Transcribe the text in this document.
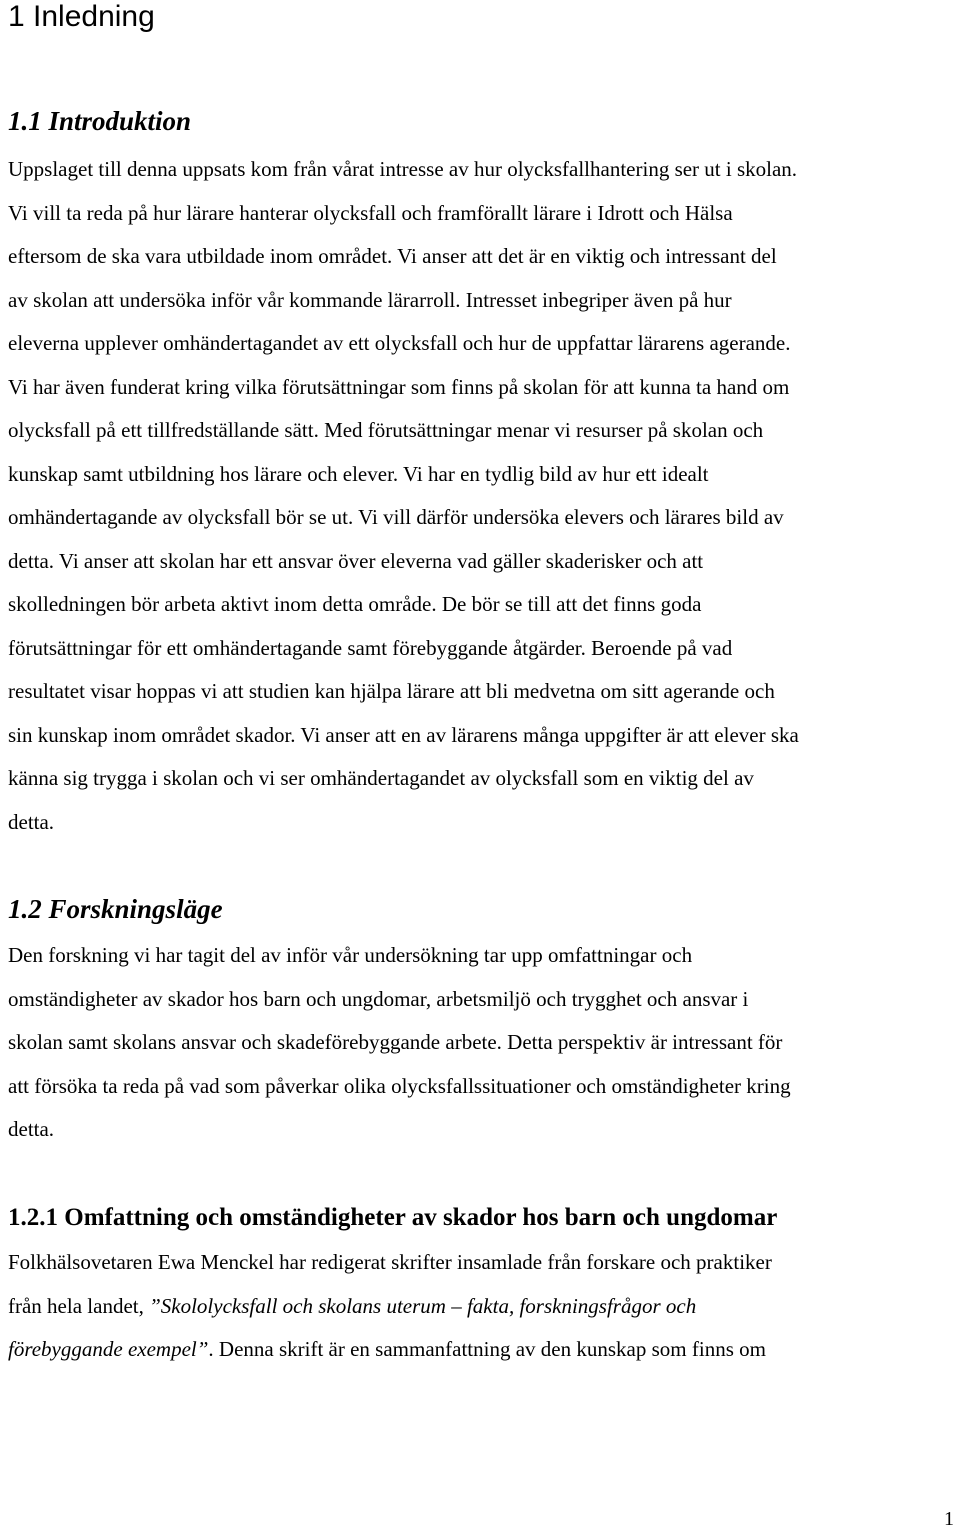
1 Inledning
1.1 Introduktion
Uppslaget till denna uppsats kom från vårat intresse av hur olycksfallhantering ser ut i skolan.
Vi vill ta reda på hur lärare hanterar olycksfall och framförallt lärare i Idrott och Hälsa
eftersom de ska vara utbildade inom området. Vi anser att det är en viktig och intressant del
av skolan att undersöka inför vår kommande lärarroll. Intresset inbegriper även på hur
eleverna upplever omhändertagandet av ett olycksfall och hur de uppfattar lärarens agerande.
Vi har även funderat kring vilka förutsättningar som finns på skolan för att kunna ta hand om
olycksfall på ett tillfredställande sätt. Med förutsättningar menar vi resurser på skolan och
kunskap samt utbildning hos lärare och elever. Vi har en tydlig bild av hur ett idealt
omhändertagande av olycksfall bör se ut. Vi vill därför undersöka elevers och lärares bild av
detta. Vi anser att skolan har ett ansvar över eleverna vad gäller skaderisker och att
skolledningen bör arbeta aktivt inom detta område. De bör se till att det finns goda
förutsättningar för ett omhändertagande samt förebyggande åtgärder. Beroende på vad
resultatet visar hoppas vi att studien kan hjälpa lärare att bli medvetna om sitt agerande och
sin kunskap inom området skador. Vi anser att en av lärarens många uppgifter är att elever ska
känna sig trygga i skolan och vi ser omhändertagandet av olycksfall som en viktig del av
detta.
1.2 Forskningsläge
Den forskning vi har tagit del av inför vår undersökning tar upp omfattningar och
omständigheter av skador hos barn och ungdomar, arbetsmiljö och trygghet och ansvar i
skolan samt skolans ansvar och skadeförebyggande arbete. Detta perspektiv är intressant för
att försöka ta reda på vad som påverkar olika olycksfallssituationer och omständigheter kring
detta.
1.2.1 Omfattning och omständigheter av skador hos barn och ungdomar
Folkhälsovetaren Ewa Menckel har redigerat skrifter insamlade från forskare och praktiker
från hela landet, ”Skololycksfall och skolans uterum – fakta, forskningsfrågor och
förebyggande exempel”. Denna skrift är en sammanfattning av den kunskap som finns om
1
